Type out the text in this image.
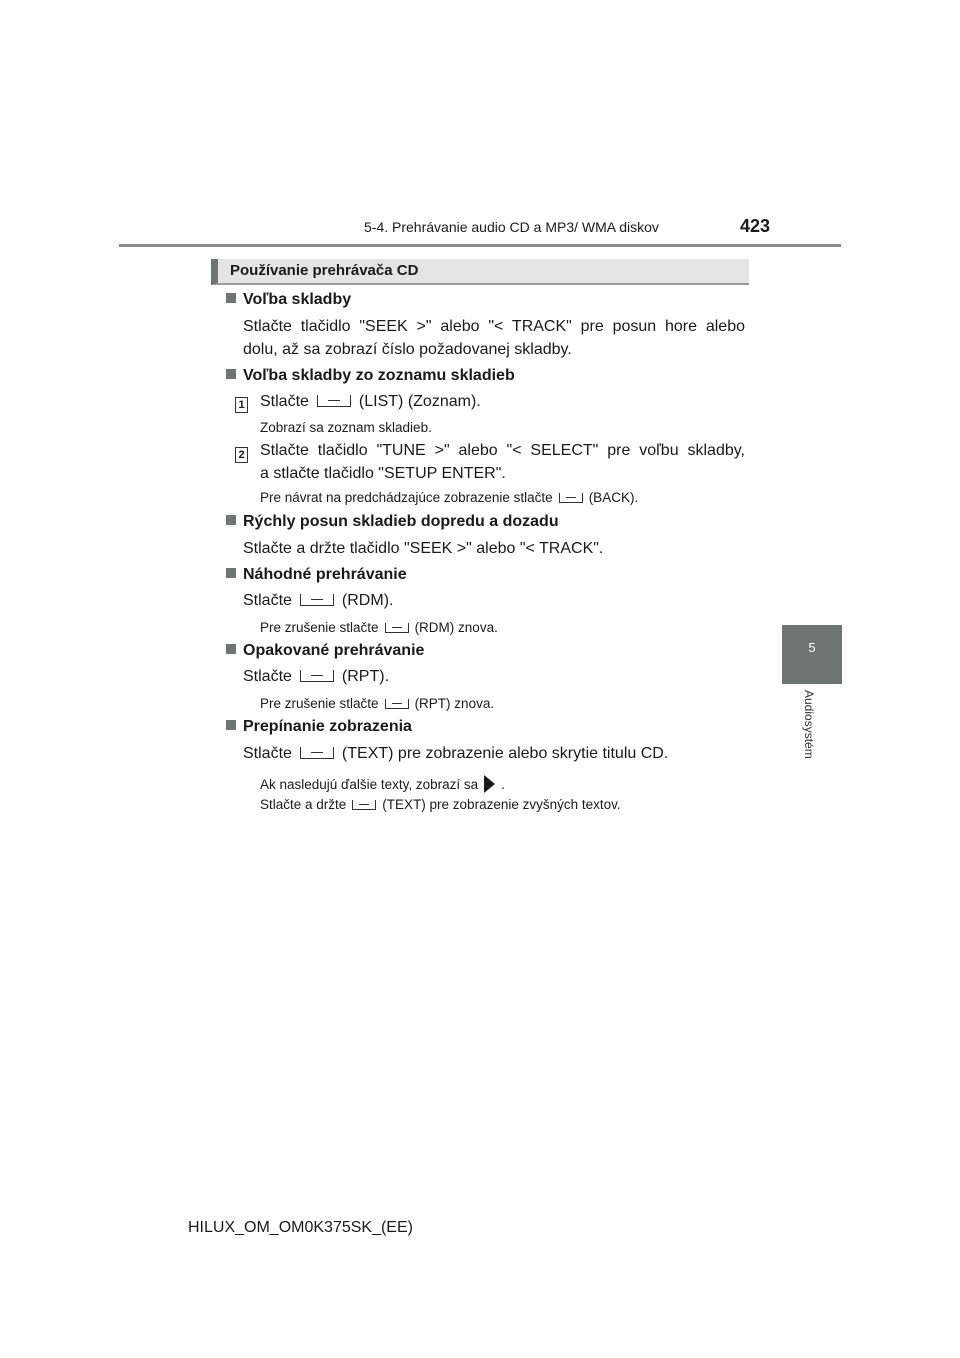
5-4. Prehrávanie audio CD a MP3/ WMA diskov	423
5
Audiosystém
Používanie prehrávača CD
Voľba skladby
Stlačte tlačidlo "SEEK >" alebo "< TRACK" pre posun hore alebo
dolu, až sa zobrazí číslo požadovanej skladby.
Voľba skladby zo zoznamu skladieb
1 Stlačte	(LIST) (Zoznam).
Zobrazí sa zoznam skladieb.
2 Stlačte tlačidlo "TUNE >" alebo "< SELECT" pre voľbu skladby,
a stlačte tlačidlo "SETUP ENTER".
Pre návrat na predchádzajúce zobrazenie stlačte	(BACK).
Rýchly posun skladieb dopredu a dozadu
Stlačte a držte tlačidlo "SEEK >" alebo "< TRACK".
Náhodné prehrávanie
Stlačte	(RDM).
Pre zrušenie stlačte	(RDM) znova.
Opakované prehrávanie
Stlačte	(RPT).
Pre zrušenie stlačte	(RPT) znova.
Prepínanie zobrazenia
Stlačte	(TEXT) pre zobrazenie alebo skrytie titulu CD.
Ak nasledujú ďalšie texty, zobrazí sa .
Stlačte a držte	(TEXT) pre zobrazenie zvyšných textov.
HILUX_OM_OM0K375SK_(EE)
